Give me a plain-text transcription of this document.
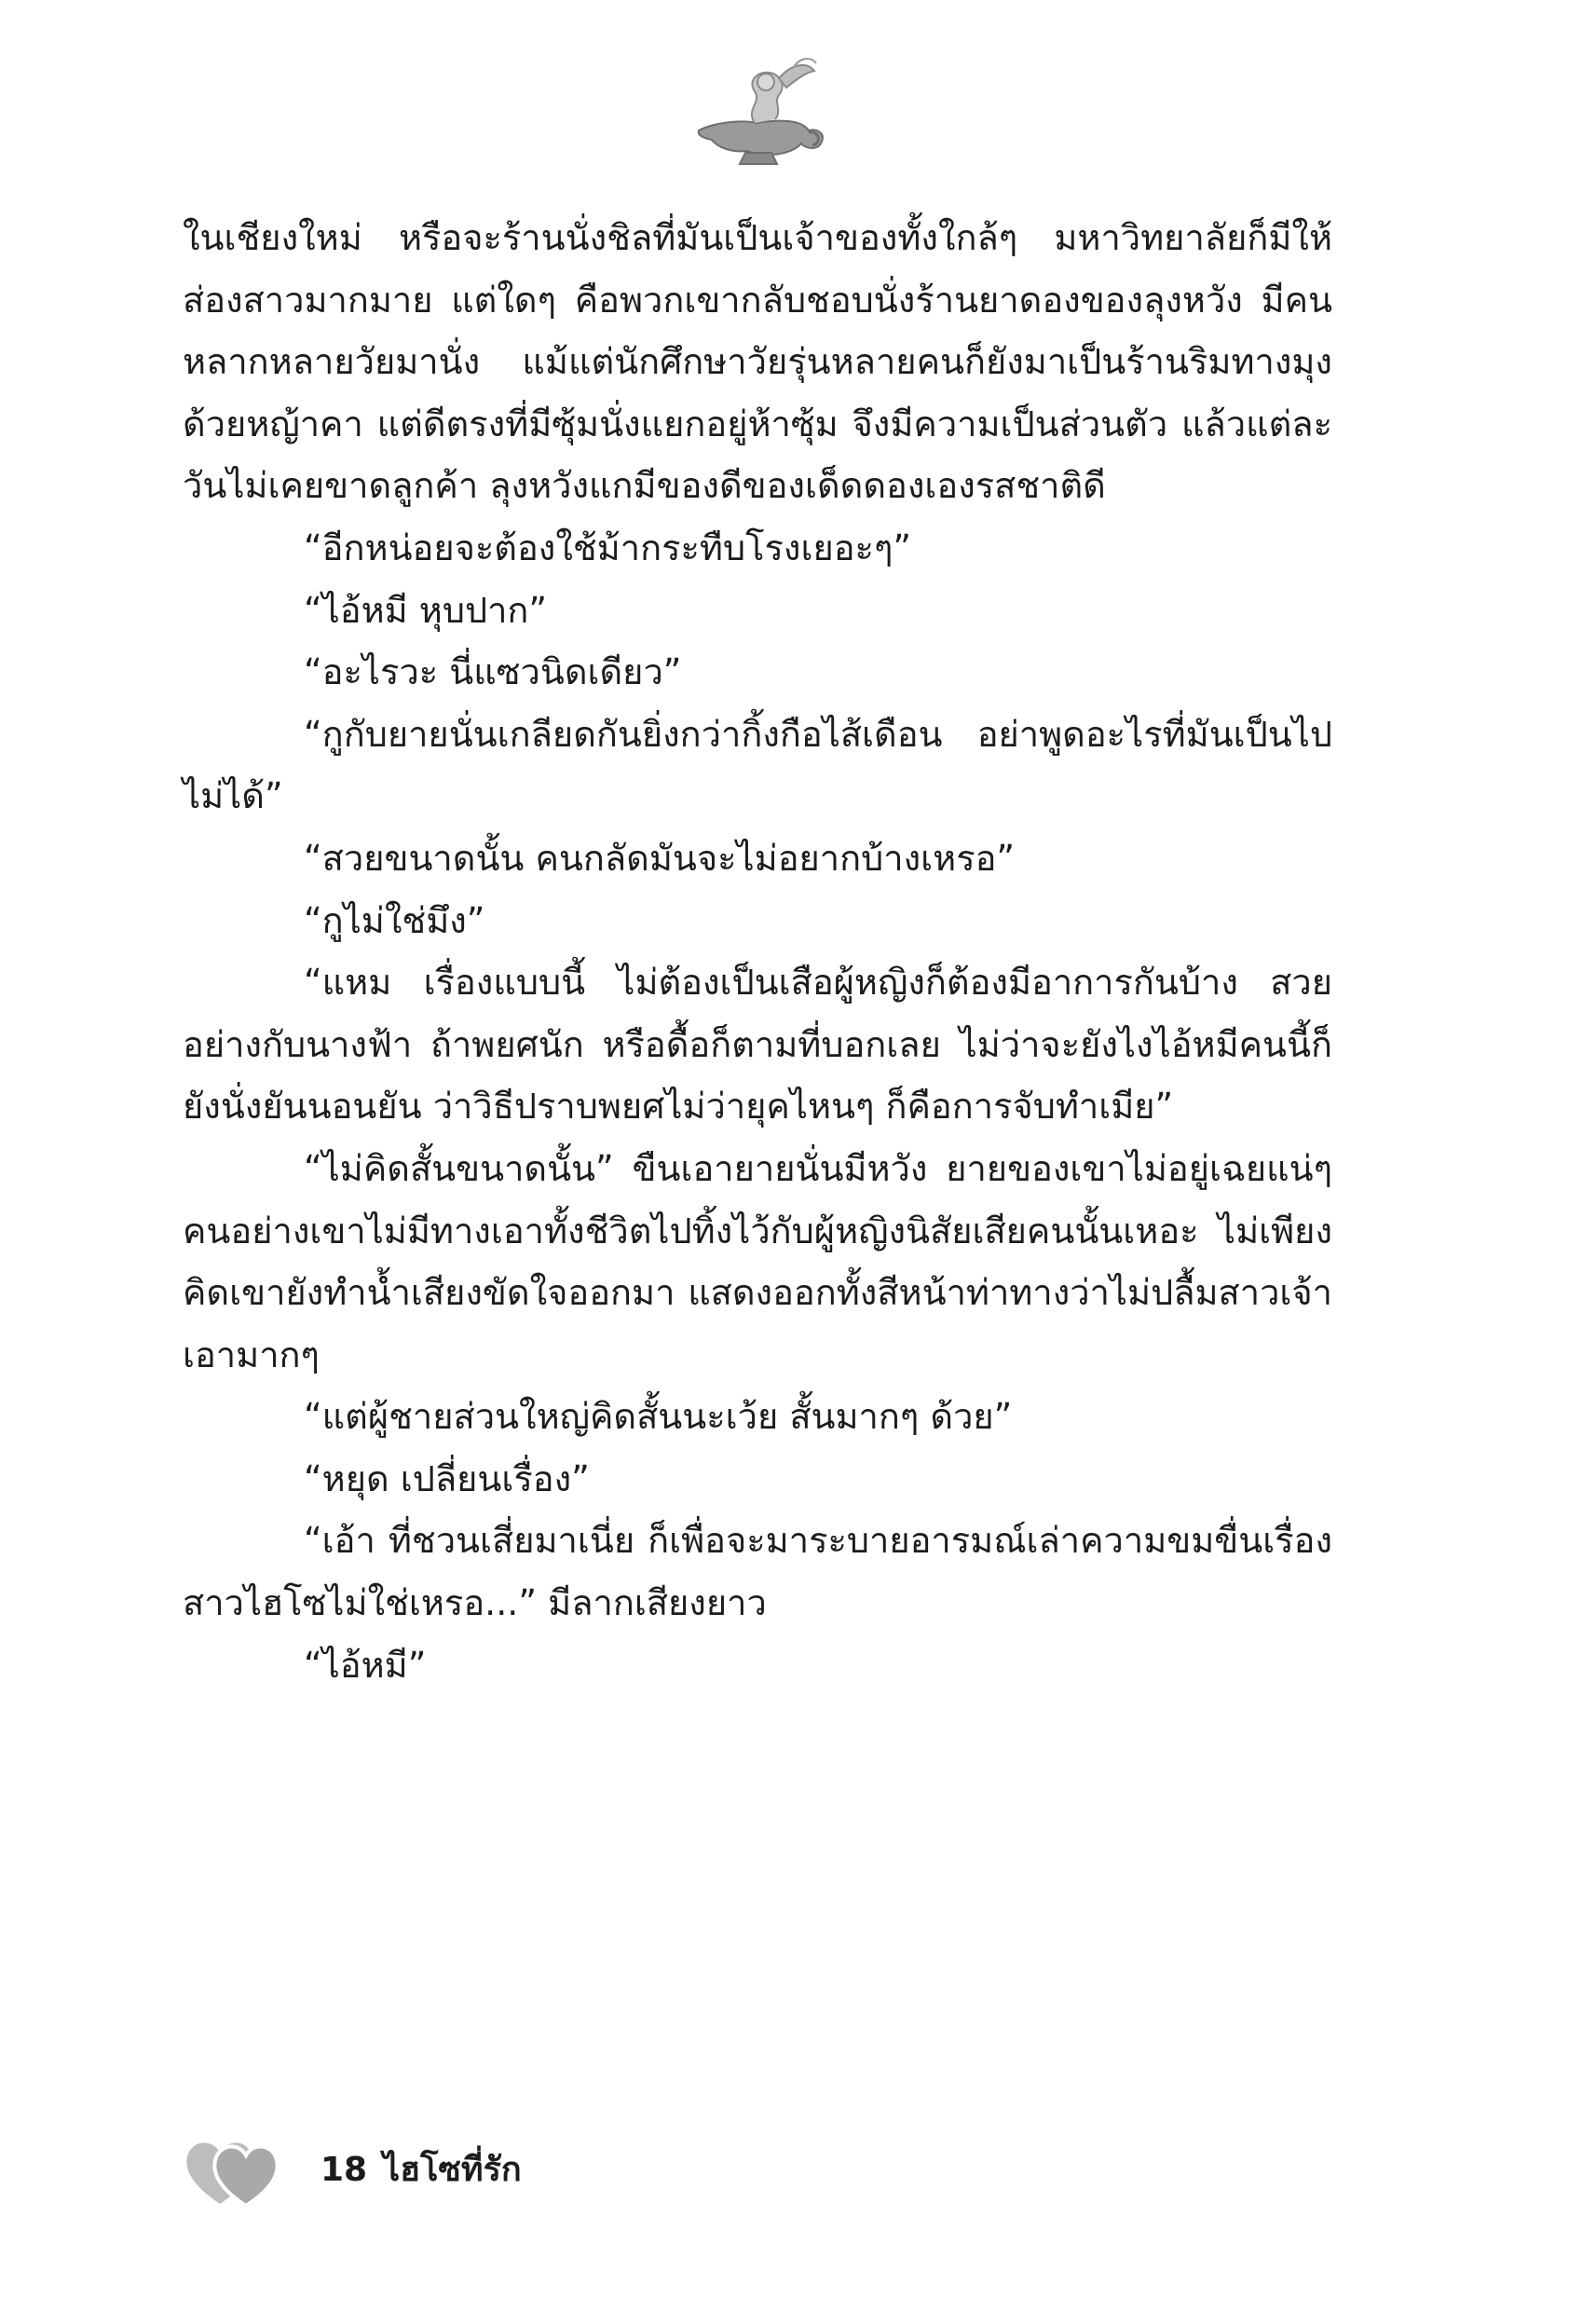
ในเชียงใหม่ หรือจะร้านนั่งชิลที่มันเป็นเจ้าของทั้งใกล้ๆ มหาวิทยาลัยก็มีให้ส่องสาวมากมาย แต่ใดๆ คือพวกเขากลับชอบนั่งร้านยาดองของลุงหวัง มีคนหลากหลายวัยมานั่ง แม้แต่นักศึกษาวัยรุ่นหลายคนก็ยังมาเป็นร้านริมทางมุงด้วยหญ้าคา แต่ดีตรงที่มีซุ้มนั่งแยกอยู่ห้าซุ้ม จึงมีความเป็นส่วนตัว แล้วแต่ละวันไม่เคยขาดลูกค้า ลุงหวังแกมีของดีของเด็ดดองเองรสชาติดี

“อีกหน่อยจะต้องใช้ม้ากระทืบโรงเยอะๆ”

“ไอ้หมี หุบปาก”

“อะไรวะ นี่แซวนิดเดียว”

“กูกับยายนั่นเกลียดกันยิ่งกว่ากิ้งกือไส้เดือน อย่าพูดอะไรที่มันเป็นไปไม่ได้”

“สวยขนาดนั้น คนกลัดมันจะไม่อยากบ้างเหรอ”

“กูไม่ใช่มึง”

“แหม เรื่องแบบนี้ ไม่ต้องเป็นเสือผู้หญิงก็ต้องมีอาการกันบ้าง สวยอย่างกับนางฟ้า ถ้าพยศนัก หรือดื้อก็ตามที่บอกเลย ไม่ว่าจะยังไงไอ้หมีคนนี้ก็ยังนั่งยันนอนยัน ว่าวิธีปราบพยศไม่ว่ายุคไหนๆ ก็คือการจับทำเมีย”

“ไม่คิดสั้นขนาดนั้น” ขืนเอายายนั่นมีหวัง ยายของเขาไม่อยู่เฉยแน่ๆ คนอย่างเขาไม่มีทางเอาทั้งชีวิตไปทิ้งไว้กับผู้หญิงนิสัยเสียคนนั้นเหอะ ไม่เพียงคิดเขายังทำน้ำเสียงขัดใจออกมา แสดงออกทั้งสีหน้าท่าทางว่าไม่ปลื้มสาวเจ้าเอามากๆ

“แต่ผู้ชายส่วนใหญ่คิดสั้นนะเว้ย สั้นมากๆ ด้วย”

“หยุด เปลี่ยนเรื่อง”

“เอ้า ที่ชวนเสี่ยมาเนี่ย ก็เพื่อจะมาระบายอารมณ์เล่าความขมขื่นเรื่องสาวไฮโซไม่ใช่เหรอ...” มีลากเสียงยาว

“ไอ้หมี”

18 ไฮโซที่รัก
